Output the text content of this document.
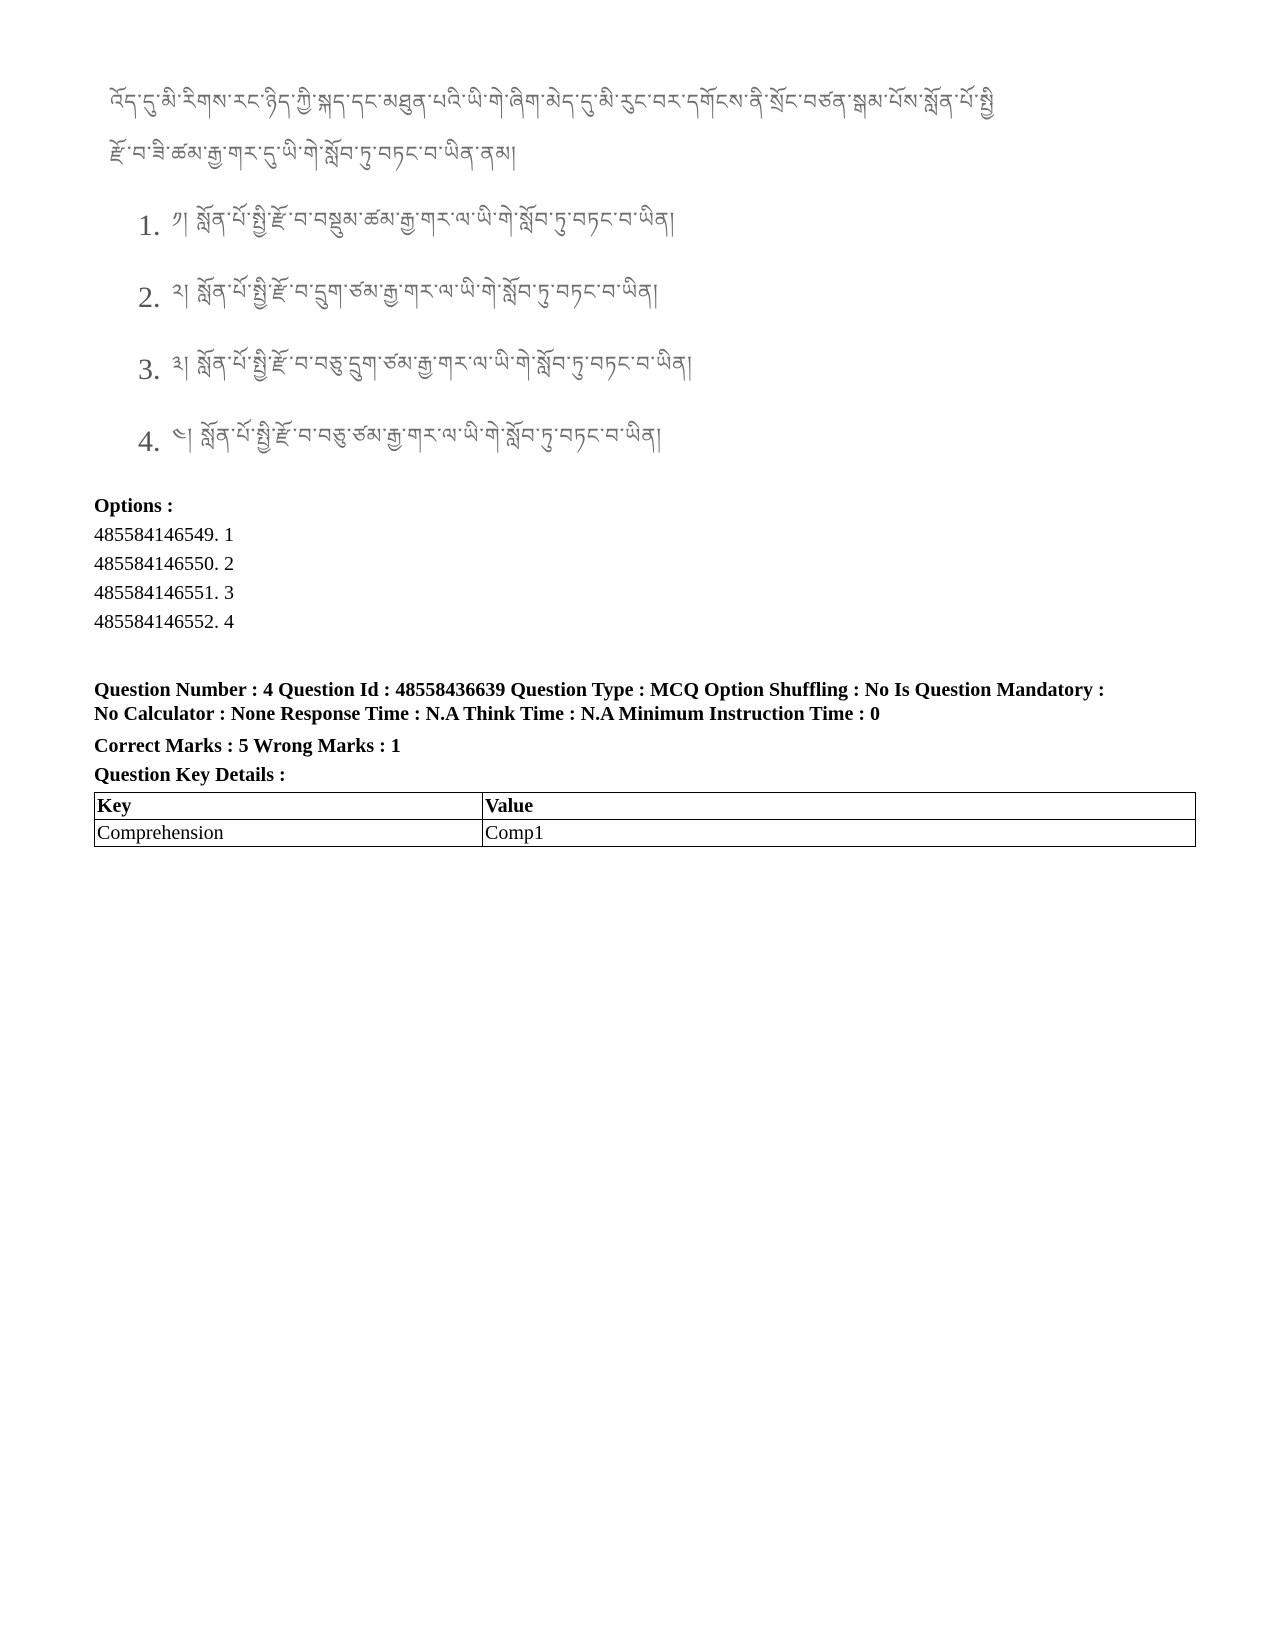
འོད་དུ་མི་རིགས་རང་ཉིད་ཀྱི་སྐད་དང་མཐུན་པའི་ཡི་གེ་ཞིག་མེད་དུ་མི་རུང་བར་དགོངས་ནི་སྲོང་བཙན་སྒམ་པོས་སློན་པོ་སྤྱི
རྫོ་བ་ཟི་ཚམ་རྒྱ་གར་དུ་ཡི་གེ་སློབ་ཏུ་བཏང་བ་ཡིན་ནམ།
1. ༡། སློན་པོ་སྤྱི་རྫོ་བ་བསྡུམ་ཚམ་རྒྱ་གར་ལ་ཡི་གེ་སློབ་ཏུ་བཏང་བ་ཡིན།
2. ༢། སློན་པོ་སྤྱི་རྫོ་བ་དྲུག་ཙམ་རྒྱ་གར་ལ་ཡི་གེ་སློབ་ཏུ་བཏང་བ་ཡིན།
3. ༣། སློན་པོ་སྤྱི་རྫོ་བ་བཅུ་དྲུག་ཙམ་རྒྱ་གར་ལ་ཡི་གེ་སློབ་ཏུ་བཏང་བ་ཡིན།
4. ༤། སློན་པོ་སྤྱི་རྫོ་བ་བཅུ་ཙམ་རྒྱ་གར་ལ་ཡི་གེ་སློབ་ཏུ་བཏང་བ་ཡིན།
Options :
485584146549. 1
485584146550. 2
485584146551. 3
485584146552. 4
Question Number : 4 Question Id : 48558436639 Question Type : MCQ Option Shuffling : No Is Question Mandatory :
No Calculator : None Response Time : N.A Think Time : N.A Minimum Instruction Time : 0
Correct Marks : 5 Wrong Marks : 1
Question Key Details :
Key	Value
Comprehension	Comp1
